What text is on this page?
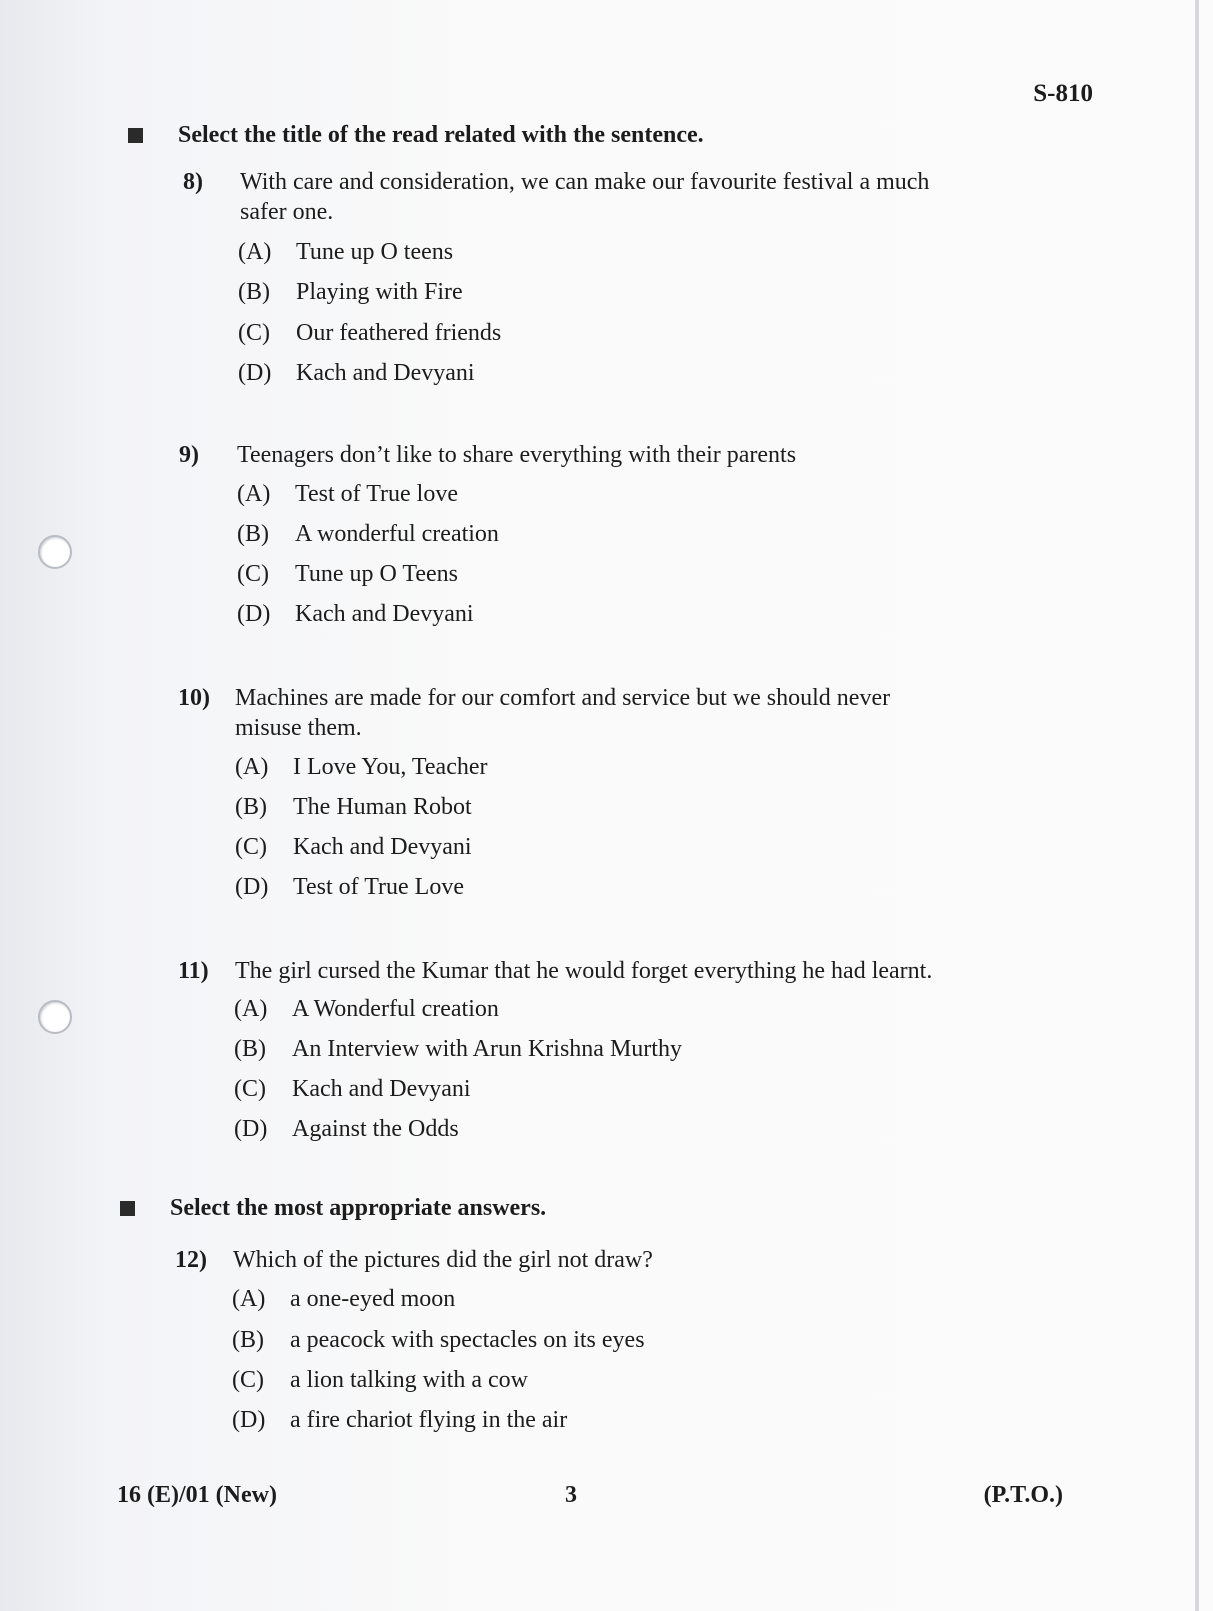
S-810
Select the title of the read related with the sentence.
8) With care and consideration, we can make our favourite festival a much
safer one.
(A)	Tune up O teens
(B)	Playing with Fire
(C)	Our feathered friends
(D)	Kach and Devyani
9) Teenagers don’t like to share everything with their parents
(A)	Test of True love
(B)	A wonderful creation
(C)	Tune up O Teens
(D)	Kach and Devyani
10) Machines are made for our comfort and service but we should never
misuse them.
(A)	I Love You, Teacher
(B)	The Human Robot
(C)	Kach and Devyani
(D)	Test of True Love
11) The girl cursed the Kumar that he would forget everything he had learnt.
(A)	A Wonderful creation
(B)	An Interview with Arun Krishna Murthy
(C)	Kach and Devyani
(D)	Against the Odds
Select the most appropriate answers.
12) Which of the pictures did the girl not draw?
(A)	a one-eyed moon
(B)	a peacock with spectacles on its eyes
(C)	a lion talking with a cow
(D)	a fire chariot flying in the air
16 (E)/01 (New)	3	(P.T.O.)
